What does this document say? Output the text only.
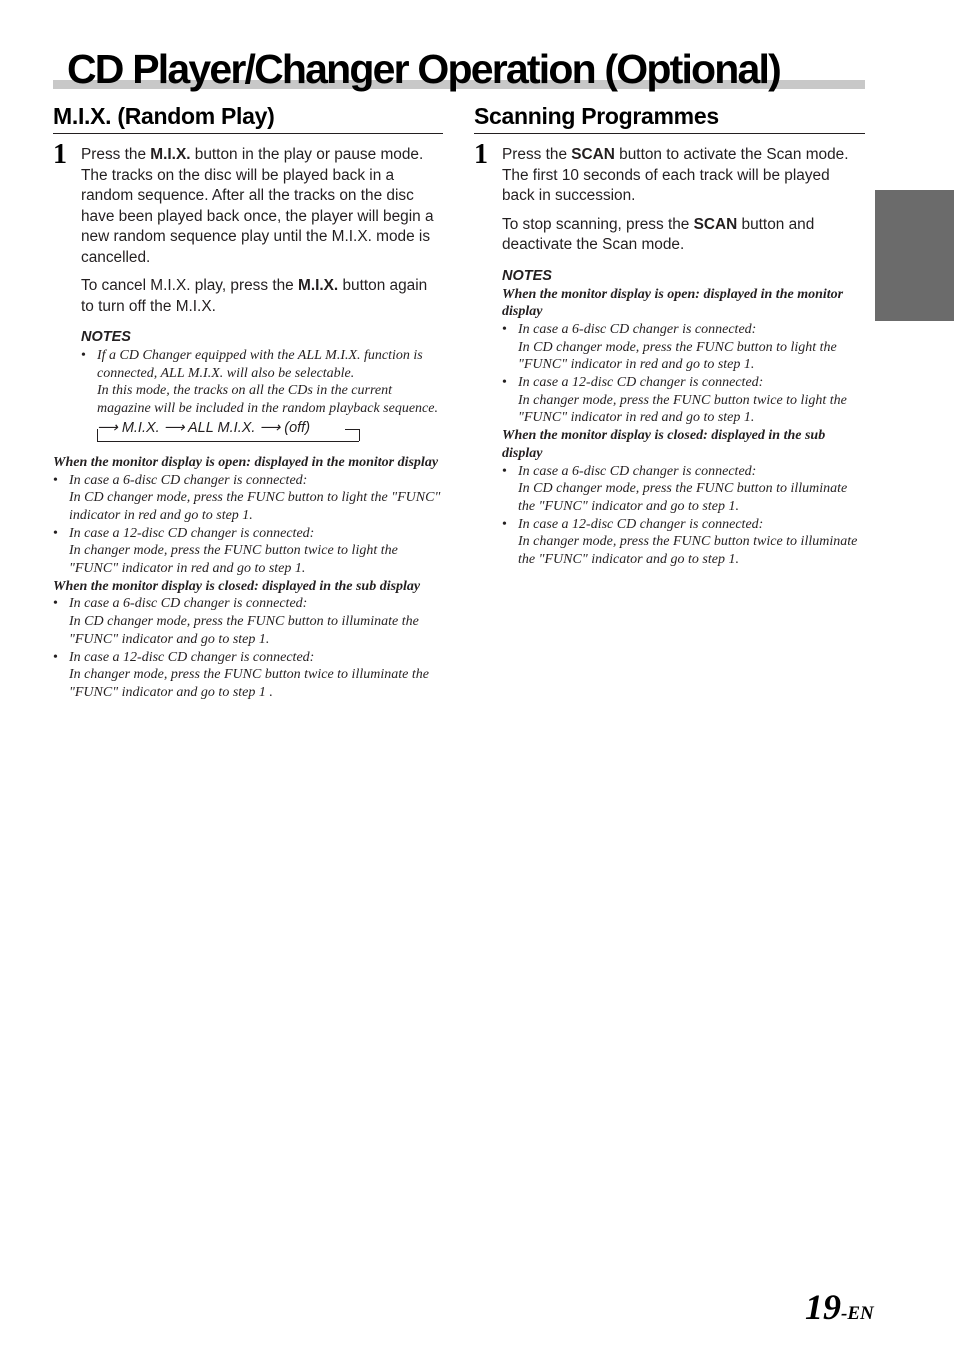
CD Player/Changer Operation (Optional)
M.I.X. (Random Play)
1 Press the M.I.X. button in the play or pause mode. The tracks on the disc will be played back in a random sequence. After all the tracks on the disc have been played back once, the player will begin a new random sequence play until the M.I.X. mode is cancelled.

To cancel M.I.X. play, press the M.I.X. button again to turn off the M.I.X.

NOTES
• If a CD Changer equipped with the ALL M.I.X. function is connected, ALL M.I.X. will also be selectable.

In this mode, the tracks on all the CDs in the current magazine will be included in the random playback sequence.

⟶ M.I.X. ⟶ ALL M.I.X. ⟶ (off)

When the monitor display is open: displayed in the monitor display

• In case a 6-disc CD changer is connected:

In CD changer mode, press the FUNC button to light the "FUNC" indicator in red and go to step 1.

• In case a 12-disc CD changer is connected:

In changer mode, press the FUNC button twice to light the "FUNC" indicator in red and go to step 1.

When the monitor display is closed: displayed in the sub display

• In case a 6-disc CD changer is connected:

In CD changer mode, press the FUNC button to illuminate the "FUNC" indicator and go to step 1.

• In case a 12-disc CD changer is connected:

In changer mode, press the FUNC button twice to illuminate the "FUNC" indicator and go to step 1 .

Scanning Programmes
1 Press the SCAN button to activate the Scan mode.

The first 10 seconds of each track will be played back in succession.

To stop scanning, press the SCAN button and deactivate the Scan mode.

NOTES

When the monitor display is open: displayed in the monitor display

• In case a 6-disc CD changer is connected:

In CD changer mode, press the FUNC button to light the "FUNC" indicator in red and go to step 1.

• In case a 12-disc CD changer is connected:

In changer mode, press the FUNC button twice to light the "FUNC" indicator in red and go to step 1.

When the monitor display is closed: displayed in the sub display

• In case a 6-disc CD changer is connected:

In CD changer mode, press the FUNC button to illuminate the "FUNC" indicator and go to step 1.

• In case a 12-disc CD changer is connected:

In changer mode, press the FUNC button twice to illuminate the "FUNC" indicator and go to step 1.

19-EN
